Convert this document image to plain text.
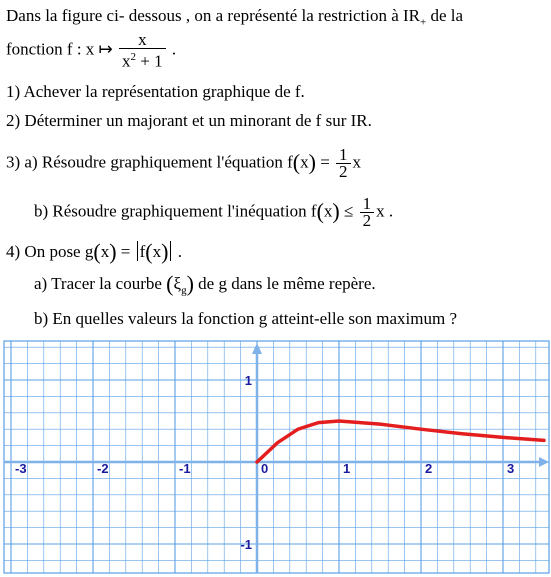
Dans la figure ci- dessous , on a représenté la restriction à $IR_+$ de la
fonction f : x ↦ $\frac{x}{x^2 + 1}$ .
1) Achever la représentation graphique de f.
2) Déterminer un majorant et un minorant de f sur IR.
3) a) Résoudre graphiquement l'équation $f(x) = \frac{1}{2}$ x
b) Résoudre graphiquement l'inéquation $f(x) \le \frac{1}{2}$ x .
4) On pose g(x) = f(x) .
a) Tracer la courbe $(\xi_g)$ de g dans le même repère.
b) En quelles valeurs la fonction g atteint-elle son maximum ?
-3	-2	-1	0	1	2	3
1
-1
